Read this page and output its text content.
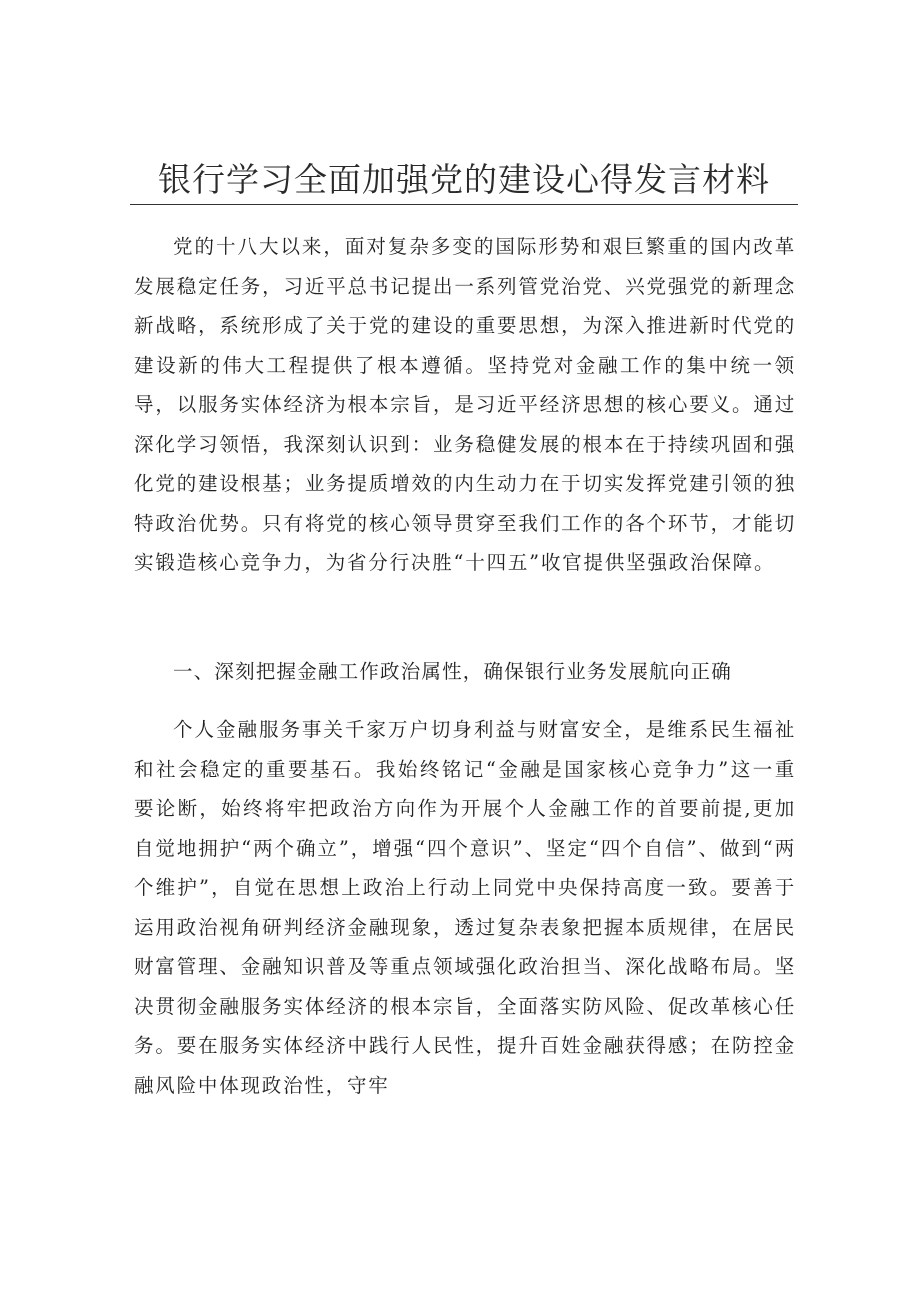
银行学习全面加强党的建设心得发言材料

党的十八大以来，面对复杂多变的国际形势和艰巨繁重的国内改革发展稳定任务，习近平总书记提出一系列管党治党、兴党强党的新理念新战略，系统形成了关于党的建设的重要思想，为深入推进新时代党的建设新的伟大工程提供了根本遵循。坚持党对金融工作的集中统一领导，以服务实体经济为根本宗旨，是习近平经济思想的核心要义。通过深化学习领悟，我深刻认识到：业务稳健发展的根本在于持续巩固和强化党的建设根基；业务提质增效的内生动力在于切实发挥党建引领的独特政治优势。只有将党的核心领导贯穿至我们工作的各个环节，才能切实锻造核心竞争力，为省分行决胜“十四五”收官提供坚强政治保障。

一、深刻把握金融工作政治属性，确保银行业务发展航向正确

个人金融服务事关千家万户切身利益与财富安全，是维系民生福祉和社会稳定的重要基石。我始终铭记“金融是国家核心竞争力”这一重要论断，始终将牢把政治方向作为开展个人金融工作的首要前提,更加自觉地拥护“两个确立”，增强“四个意识”、坚定“四个自信”、做到“两个维护”，自觉在思想上政治上行动上同党中央保持高度一致。要善于运用政治视角研判经济金融现象，透过复杂表象把握本质规律，在居民财富管理、金融知识普及等重点领域强化政治担当、深化战略布局。坚决贯彻金融服务实体经济的根本宗旨，全面落实防风险、促改革核心任务。要在服务实体经济中践行人民性，提升百姓金融获得感；在防控金融风险中体现政治性，守牢
